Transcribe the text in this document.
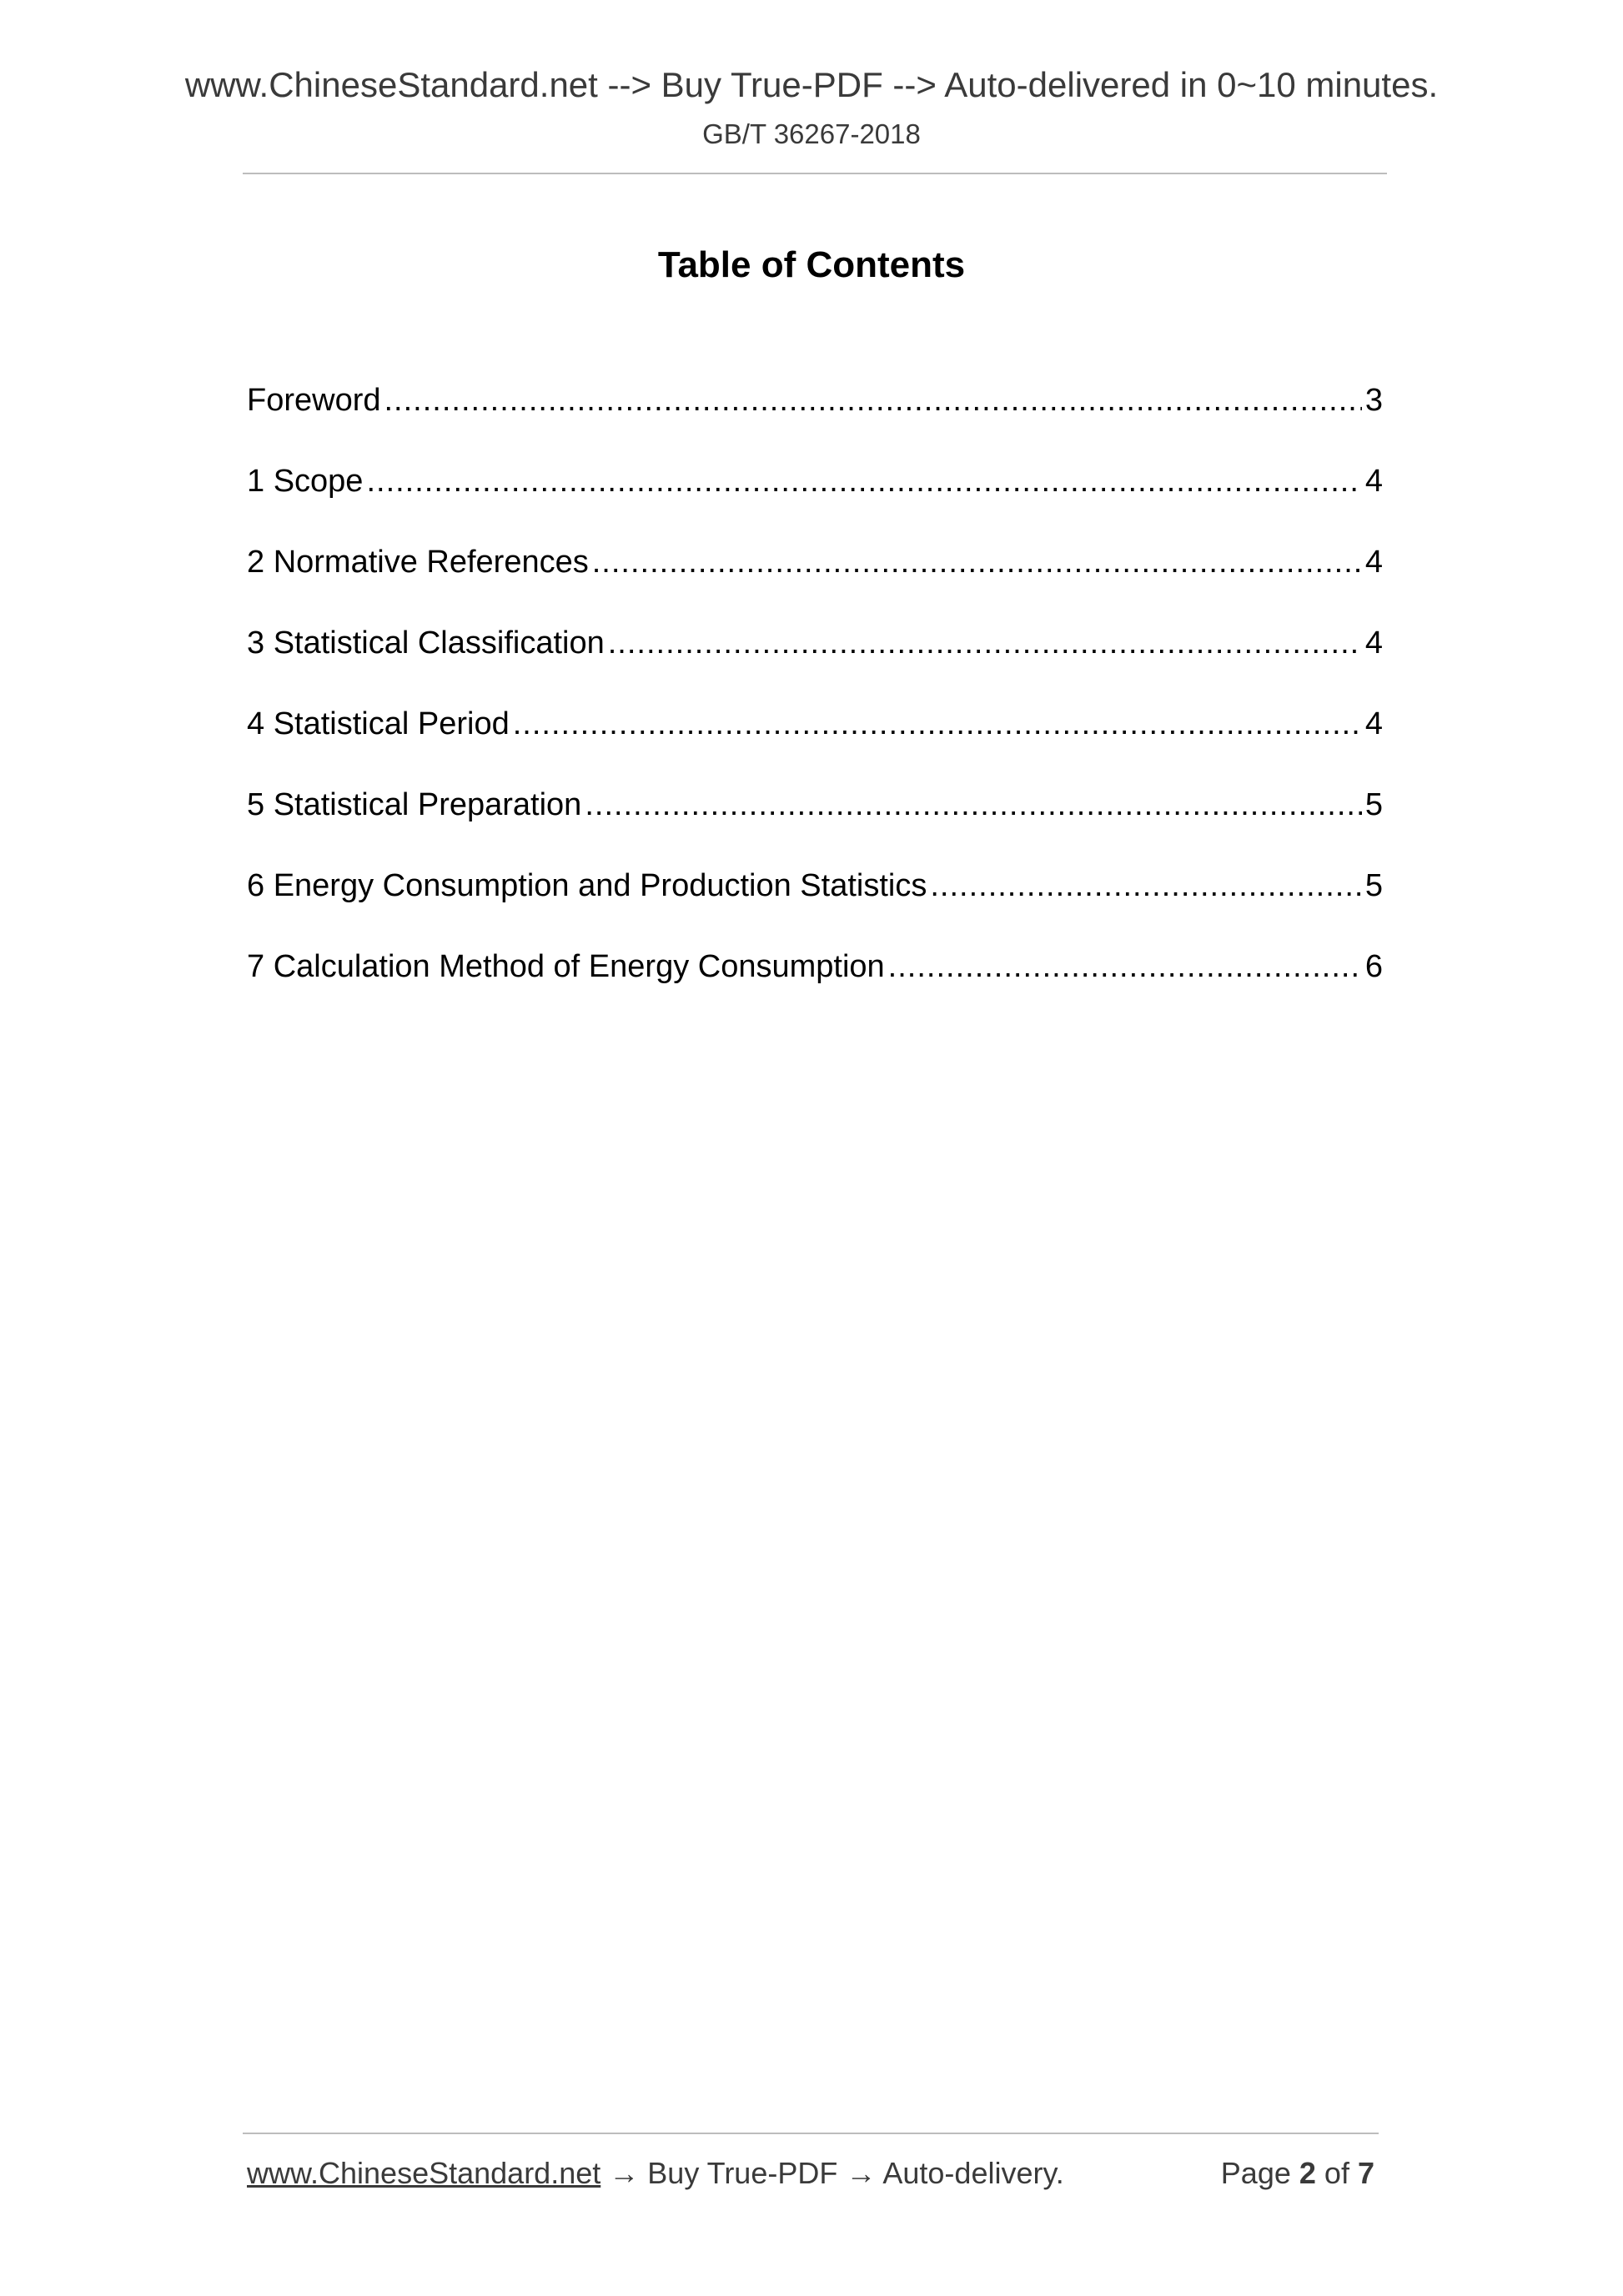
www.ChineseStandard.net --> Buy True-PDF --> Auto-delivered in 0~10 minutes.
GB/T 36267-2018
Table of Contents
Foreword .....	3
1 Scope .....	4
2 Normative References .....	4
3 Statistical Classification .....	4
4 Statistical Period .....	4
5 Statistical Preparation .....	5
6 Energy Consumption and Production Statistics .....	5
7 Calculation Method of Energy Consumption .....	6
www.ChineseStandard.net → Buy True-PDF → Auto-delivery.	Page 2 of 7
